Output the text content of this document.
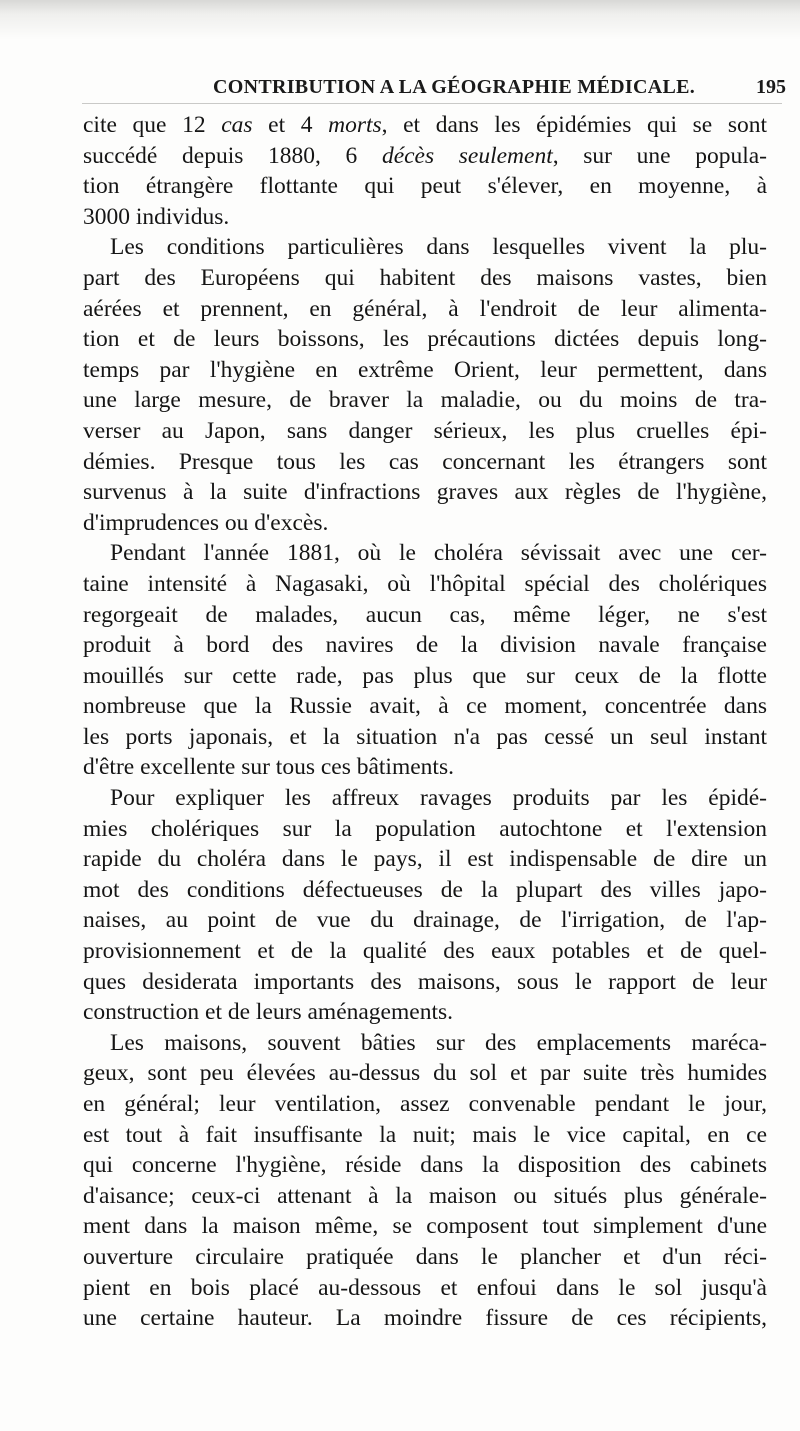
CONTRIBUTION A LA GÉOGRAPHIE MÉDICALE.	195
cite que 12 cas et 4 morts, et dans les épidémies qui se sont
succédé depuis 1880, 6 décès seulement, sur une popula-
tion étrangère flottante qui peut s'élever, en moyenne, à
3000 individus.
Les conditions particulières dans lesquelles vivent la plu-
part des Européens qui habitent des maisons vastes, bien
aérées et prennent, en général, à l'endroit de leur alimenta-
tion et de leurs boissons, les précautions dictées depuis long-
temps par l'hygiène en extrême Orient, leur permettent, dans
une large mesure, de braver la maladie, ou du moins de tra-
verser au Japon, sans danger sérieux, les plus cruelles épi-
démies. Presque tous les cas concernant les étrangers sont
survenus à la suite d'infractions graves aux règles de l'hygiène,
d'imprudences ou d'excès.
Pendant l'année 1881, où le choléra sévissait avec une cer-
taine intensité à Nagasaki, où l'hôpital spécial des cholériques
regorgeait de malades, aucun cas, même léger, ne s'est
produit à bord des navires de la division navale française
mouillés sur cette rade, pas plus que sur ceux de la flotte
nombreuse que la Russie avait, à ce moment, concentrée dans
les ports japonais, et la situation n'a pas cessé un seul instant
d'être excellente sur tous ces bâtiments.
Pour expliquer les affreux ravages produits par les épidé-
mies cholériques sur la population autochtone et l'extension
rapide du choléra dans le pays, il est indispensable de dire un
mot des conditions défectueuses de la plupart des villes japo-
naises, au point de vue du drainage, de l'irrigation, de l'ap-
provisionnement et de la qualité des eaux potables et de quel-
ques desiderata importants des maisons, sous le rapport de leur
construction et de leurs aménagements.
Les maisons, souvent bâties sur des emplacements maréca-
geux, sont peu élevées au-dessus du sol et par suite très humides
en général; leur ventilation, assez convenable pendant le jour,
est tout à fait insuffisante la nuit; mais le vice capital, en ce
qui concerne l'hygiène, réside dans la disposition des cabinets
d'aisance; ceux-ci attenant à la maison ou situés plus générale-
ment dans la maison même, se composent tout simplement d'une
ouverture circulaire pratiquée dans le plancher et d'un réci-
pient en bois placé au-dessous et enfoui dans le sol jusqu'à
une certaine hauteur. La moindre fissure de ces récipients,
